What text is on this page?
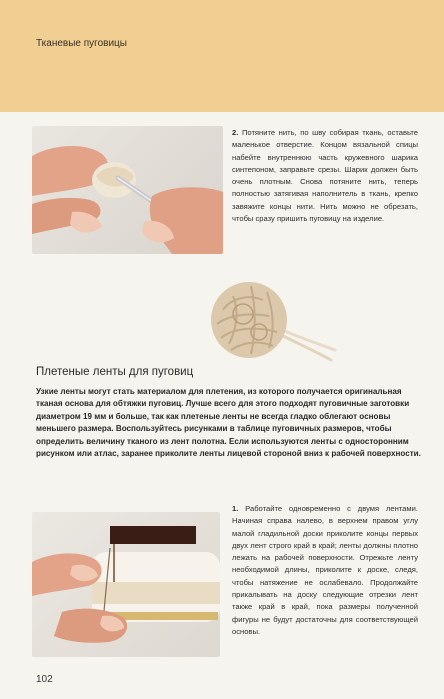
Тканевые пуговицы
2. Потяните нить, по шву собирая ткань, оставьте маленькое отверстие. Концом вязальной спицы набейте внутреннюю часть кружевного шарика синтепоном, заправьте срезы. Шарик должен быть очень плотным. Снова потяните нить, теперь полностью затягивая наполнитель в ткань, крепко завяжите концы нити. Нить можно не обрезать, чтобы сразу пришить пуговицу на изделие.
Плетеные ленты для пуговиц
Узкие ленты могут стать материалом для плетения, из которого получается оригинальная тканая основа для обтяжки пуговиц. Лучше всего для этого подходят пуговичные заготовки диаметром 19 мм и больше, так как плетеные ленты не всегда гладко облегают основы меньшего размера. Воспользуйтесь рисунками в таблице пуговичных размеров, чтобы определить величину тканого из лент полотна. Если используются ленты с односторонним рисунком или атлас, заранее приколите ленты лицевой стороной вниз к рабочей поверхности.
1. Работайте одновременно с двумя лентами. Начиная справа налево, в верхнем правом углу малой гладильной доски приколите концы первых двух лент строго край в край; ленты должны плотно лежать на рабочей поверхности. Отрежьте ленту необходимой длины, приколите к доске, следя, чтобы натяжение не ослабевало. Продолжайте прикалывать на доску следующие отрезки лент также край в край, пока размеры полученной фигуры не будут достаточны для соответствующей основы.
102
